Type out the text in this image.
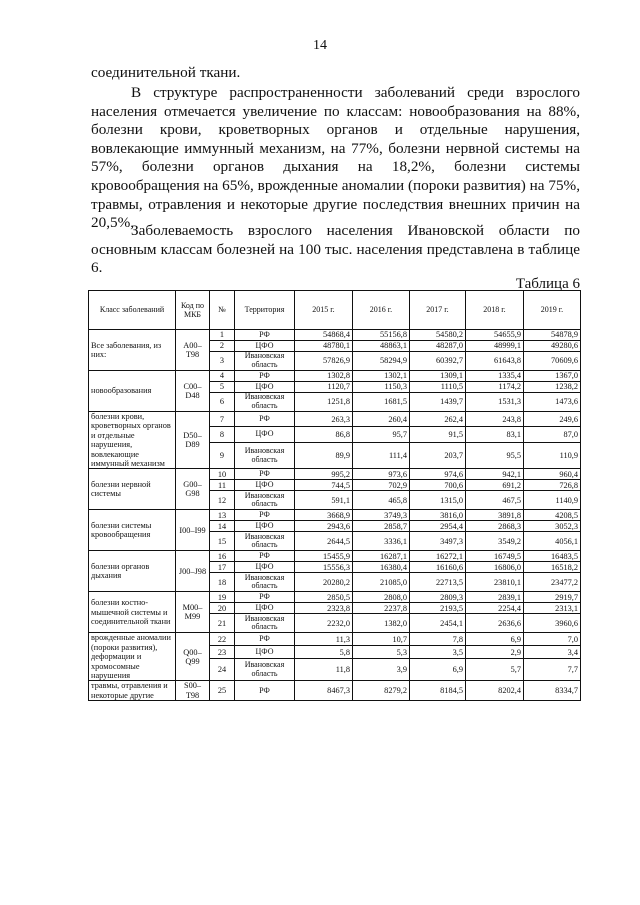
14
соединительной ткани.
В структуре распространенности заболеваний среди взрослого населения отмечается увеличение по классам: новообразования на 88%, болезни крови, кроветворных органов и отдельные нарушения, вовлекающие иммунный механизм, на 77%, болезни нервной системы на 57%, болезни органов дыхания на 18,2%, болезни системы кровообращения на 65%, врожденные аномалии (пороки развития) на 75%, травмы, отравления и некоторые другие последствия внешних причин на 20,5%,
Заболеваемость взрослого населения Ивановской области по основным классам болезней на 100 тыс. населения представлена в таблице 6.
Таблица 6
Класс заболеваний	Код по МКБ	№	Территория	2015 г.	2016 г.	2017 г.	2018 г.	2019 г.
Все заболевания, из них:	А00–Т98	1	РФ	54868,4	55156,8	54580,2	54655,9	54878,9
		2	ЦФО	48780,1	48863,1	48287,0	48999,1	49280,6
		3	Ивановская область	57826,9	58294,9	60392,7	61643,8	70609,6
новообразования	С00–D48	4	РФ	1302,8	1302,1	1309,1	1335,4	1367,0
		5	ЦФО	1120,7	1150,3	1110,5	1174,2	1238,2
		6	Ивановская область	1251,8	1681,5	1439,7	1531,3	1473,6
болезни крови, кроветворных органов и отдельные нарушения, вовлекающие иммунный механизм	D50–D89	7	РФ	263,3	260,4	262,4	243,8	249,6
		8	ЦФО	86,8	95,7	91,5	83,1	87,0
		9	Ивановская область	89,9	111,4	203,7	95,5	110,9
болезни нервной системы	G00–G98	10	РФ	995,2	973,6	974,6	942,1	960,4
		11	ЦФО	744,5	702,9	700,6	691,2	726,8
		12	Ивановская область	591,1	465,8	1315,0	467,5	1140,9
болезни системы кровообращения	I00–I99	13	РФ	3668,9	3749,3	3816,0	3891,8	4208,5
		14	ЦФО	2943,6	2858,7	2954,4	2868,3	3052,3
		15	Ивановская область	2644,5	3336,1	3497,3	3549,2	4056,1
болезни органов дыхания	J00–J98	16	РФ	15455,9	16287,1	16272,1	16749,5	16483,5
		17	ЦФО	15556,3	16380,4	16160,6	16806,0	16518,2
		18	Ивановская область	20280,2	21085,0	22713,5	23810,1	23477,2
болезни костно-мышечной системы и соединительной ткани	М00–М99	19	РФ	2850,5	2808,0	2809,3	2839,1	2919,7
		20	ЦФО	2323,8	2237,8	2193,5	2254,4	2313,1
		21	Ивановская область	2232,0	1382,0	2454,1	2636,6	3960,6
врожденные аномалии (пороки развития), деформации и хромосомные нарушения	Q00–Q99	22	РФ	11,3	10,7	7,8	6,9	7,0
		23	ЦФО	5,8	5,3	3,5	2,9	3,4
		24	Ивановская область	11,8	3,9	6,9	5,7	7,7
травмы, отравления и некоторые другие	S00–T98	25	РФ	8467,3	8279,2	8184,5	8202,4	8334,7
